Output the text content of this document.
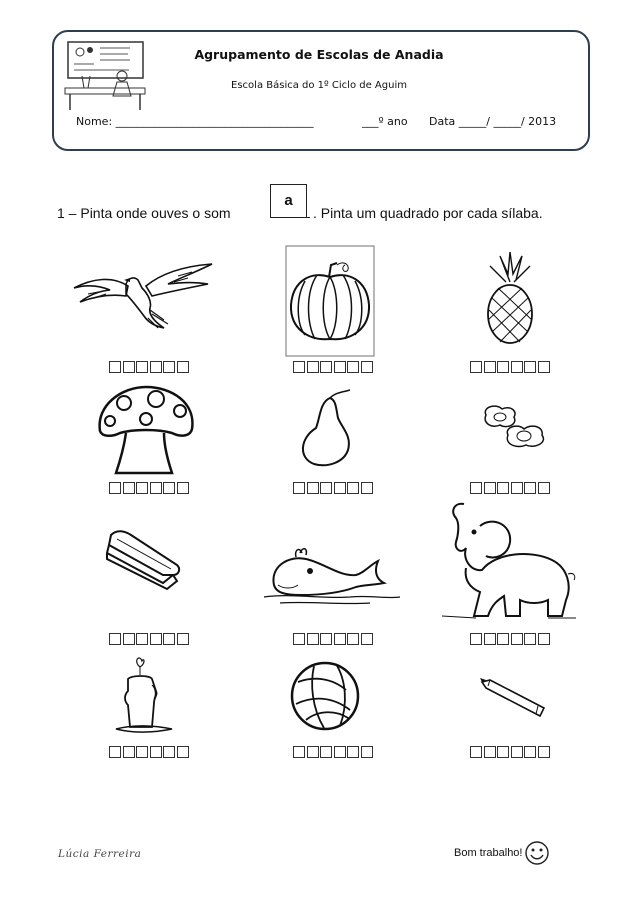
Agrupamento de Escolas de Anadia
Escola Básica do 1º Ciclo de Aguim
Nome: ____________________________________	___º ano Data _____/ _____/ 2013
1 – Pinta onde ouves o som
a
. Pinta um quadrado por cada sílaba.
Lúcia Ferreira	Bom trabalho!
